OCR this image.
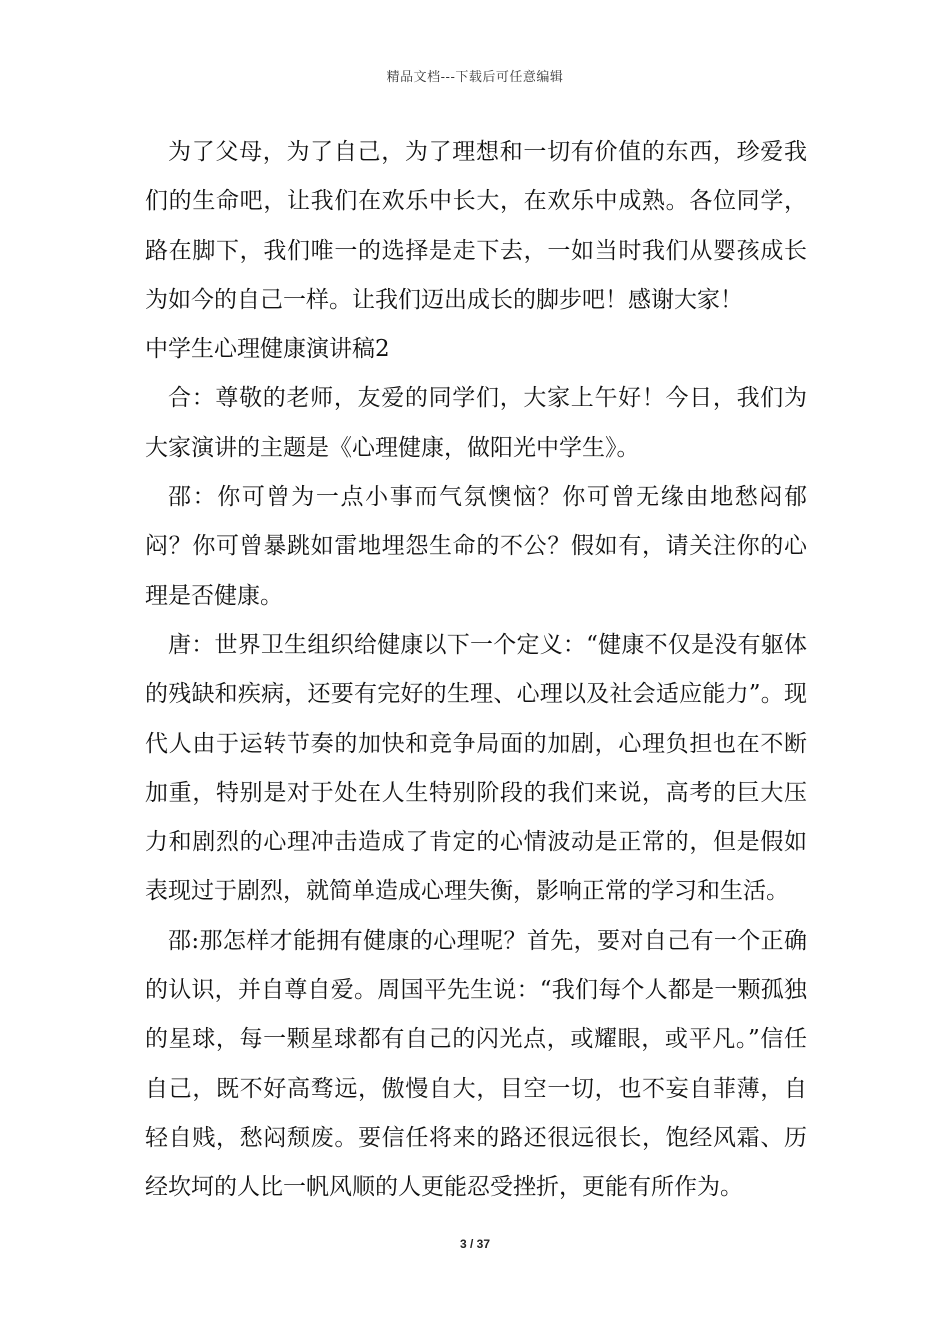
精品文档---下载后可任意编辑

为了父母，为了自己，为了理想和一切有价值的东西，珍爱我们的生命吧，让我们在欢乐中长大，在欢乐中成熟。各位同学，路在脚下，我们唯一的选择是走下去，一如当时我们从婴孩成长为如今的自己一样。让我们迈出成长的脚步吧！感谢大家！

中学生心理健康演讲稿2

合：尊敬的老师，友爱的同学们，大家上午好！今日，我们为大家演讲的主题是《心理健康，做阳光中学生》。

邵：你可曾为一点小事而气氛懊恼？你可曾无缘由地愁闷郁闷？你可曾暴跳如雷地埋怨生命的不公？假如有，请关注你的心理是否健康。

唐：世界卫生组织给健康以下一个定义：“健康不仅是没有躯体的残缺和疾病，还要有完好的生理、心理以及社会适应能力”。现代人由于运转节奏的加快和竞争局面的加剧，心理负担也在不断加重，特别是对于处在人生特别阶段的我们来说，高考的巨大压力和剧烈的心理冲击造成了肯定的心情波动是正常的，但是假如表现过于剧烈，就简单造成心理失衡，影响正常的学习和生活。

邵:那怎样才能拥有健康的心理呢？首先，要对自己有一个正确的认识，并自尊自爱。周国平先生说：“我们每个人都是一颗孤独的星球，每一颗星球都有自己的闪光点，或耀眼，或平凡。”信任自己，既不好高骛远，傲慢自大，目空一切，也不妄自菲薄，自轻自贱，愁闷颓废。要信任将来的路还很远很长，饱经风霜、历经坎坷的人比一帆风顺的人更能忍受挫折，更能有所作为。

3 / 37
